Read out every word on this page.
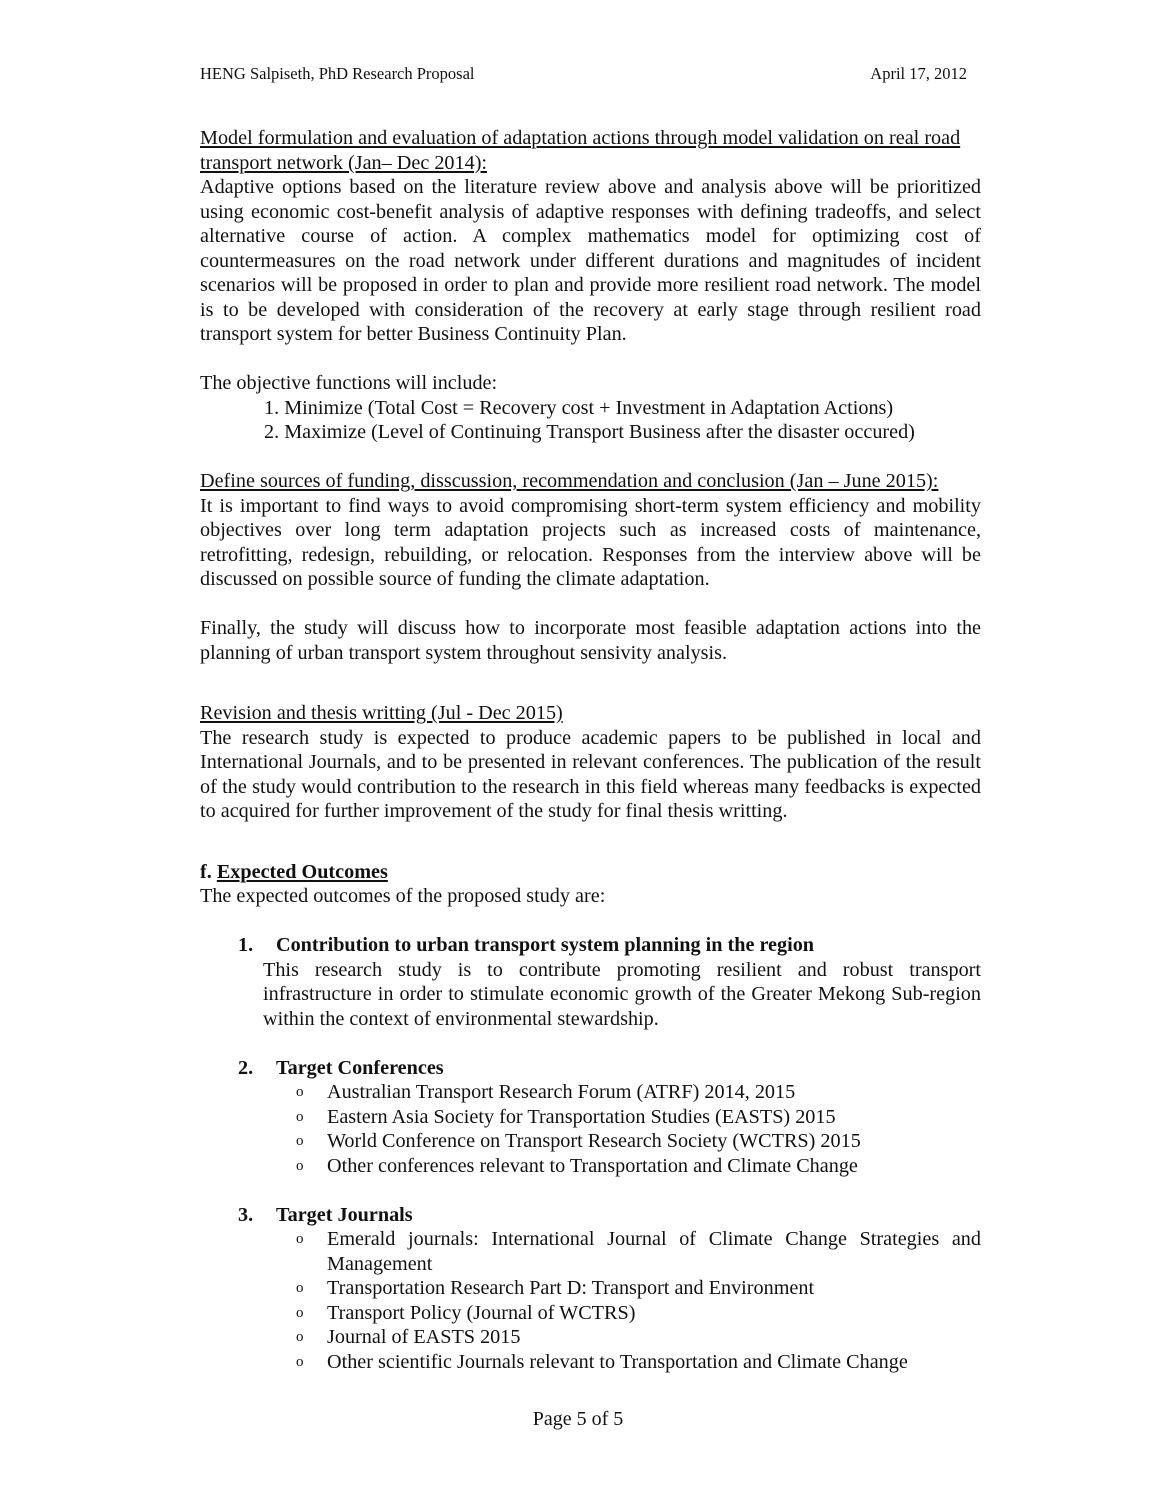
HENG Salpiseth, PhD Research Proposal	April 17, 2012

Model formulation and evaluation of adaptation actions through model validation on real road transport network (Jan– Dec 2014):

Adaptive options based on the literature review above and analysis above will be prioritized using economic cost-benefit analysis of adaptive responses with defining tradeoffs, and select alternative course of action. A complex mathematics model for optimizing cost of countermeasures on the road network under different durations and magnitudes of incident scenarios will be proposed in order to plan and provide more resilient road network. The model is to be developed with consideration of the recovery at early stage through resilient road transport system for better Business Continuity Plan.

The objective functions will include:

1. Minimize (Total Cost = Recovery cost + Investment in Adaptation Actions)
2. Maximize (Level of Continuing Transport Business after the disaster occured)

Define sources of funding, disscussion, recommendation and conclusion (Jan – June 2015):

It is important to find ways to avoid compromising short-term system efficiency and mobility objectives over long term adaptation projects such as increased costs of maintenance, retrofitting, redesign, rebuilding, or relocation. Responses from the interview above will be discussed on possible source of funding the climate adaptation.

Finally, the study will discuss how to incorporate most feasible adaptation actions into the planning of urban transport system throughout sensivity analysis.

Revision and thesis writting (Jul - Dec 2015)

The research study is expected to produce academic papers to be published in local and International Journals, and to be presented in relevant conferences. The publication of the result of the study would contribution to the research in this field whereas many feedbacks is expected to acquired for further improvement of the study for final thesis writting.

f. Expected Outcomes

The expected outcomes of the proposed study are:

1.	Contribution to urban transport system planning in the region
This research study is to contribute promoting resilient and robust transport infrastructure in order to stimulate economic growth of the Greater Mekong Sub-region within the context of environmental stewardship.
2.	Target Conferences
o	Australian Transport Research Forum (ATRF) 2014, 2015
o	Eastern Asia Society for Transportation Studies (EASTS) 2015
o	World Conference on Transport Research Society (WCTRS) 2015
o	Other conferences relevant to Transportation and Climate Change
3.	Target Journals
o	Emerald journals: International Journal of Climate Change Strategies and Management
o	Transportation Research Part D: Transport and Environment
o	Transport Policy (Journal of WCTRS)
o	Journal of EASTS 2015
o	Other scientific Journals relevant to Transportation and Climate Change
Page 5 of 5
